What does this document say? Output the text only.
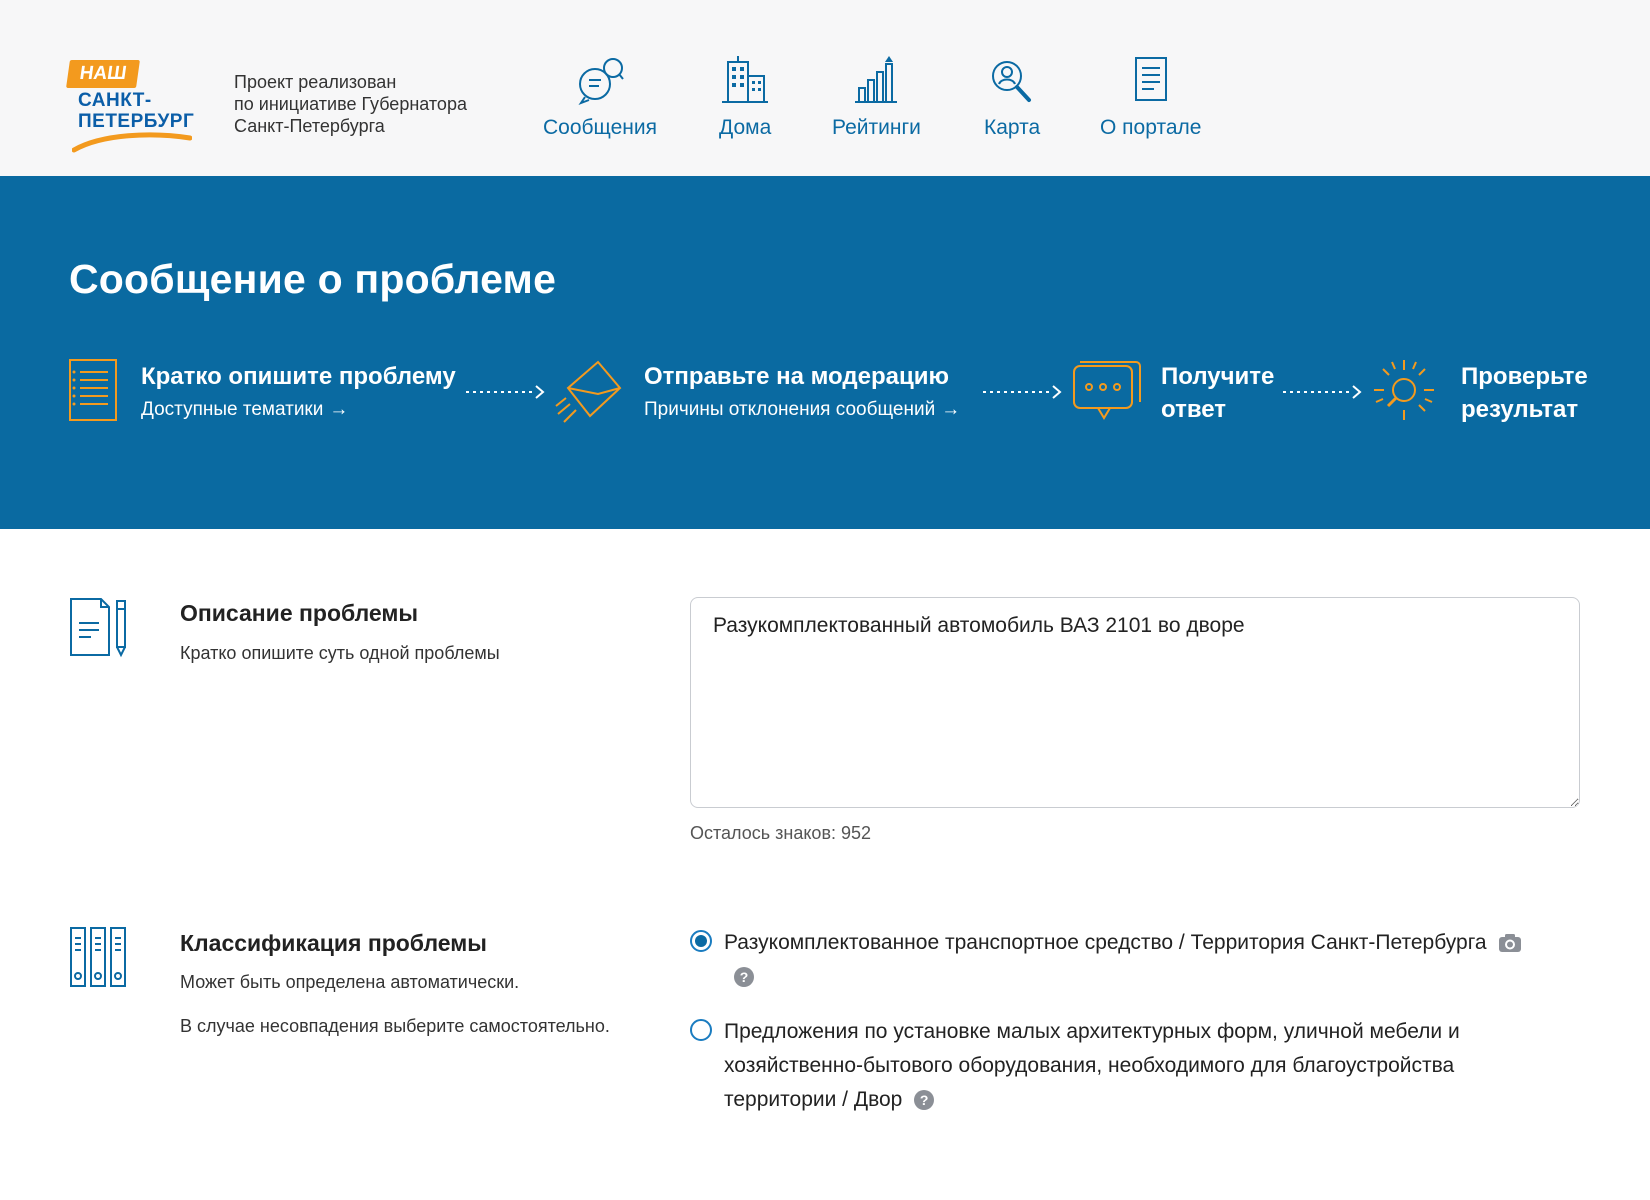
НАШ
САНКТ-
ПЕТЕРБУРГ
Проект реализован
по инициативе Губернатора
Санкт-Петербурга	Сообщения	Дома	Рейтинги	Карта	О портале
Сообщение о проблеме
Кратко опишите проблему
Доступные тематики →
Отправьте на модерацию
Причины отклонения сообщений →
Получите
ответ
Проверьте
результат
Описание проблемы
Кратко опишите суть одной проблемы
Разукомплектованный автомобиль ВАЗ 2101 во дворе
Осталось знаков: 952
Классификация проблемы
Может быть определена автоматически.
В случае несовпадения выберите самостоятельно.
Разукомплектованное транспортное средство / Территория Санкт-Петербурга
?
Предложения по установке малых архитектурных форм, уличной мебели и
хозяйственно-бытового оборудования, необходимого для благоустройства
территории / Двор ?
